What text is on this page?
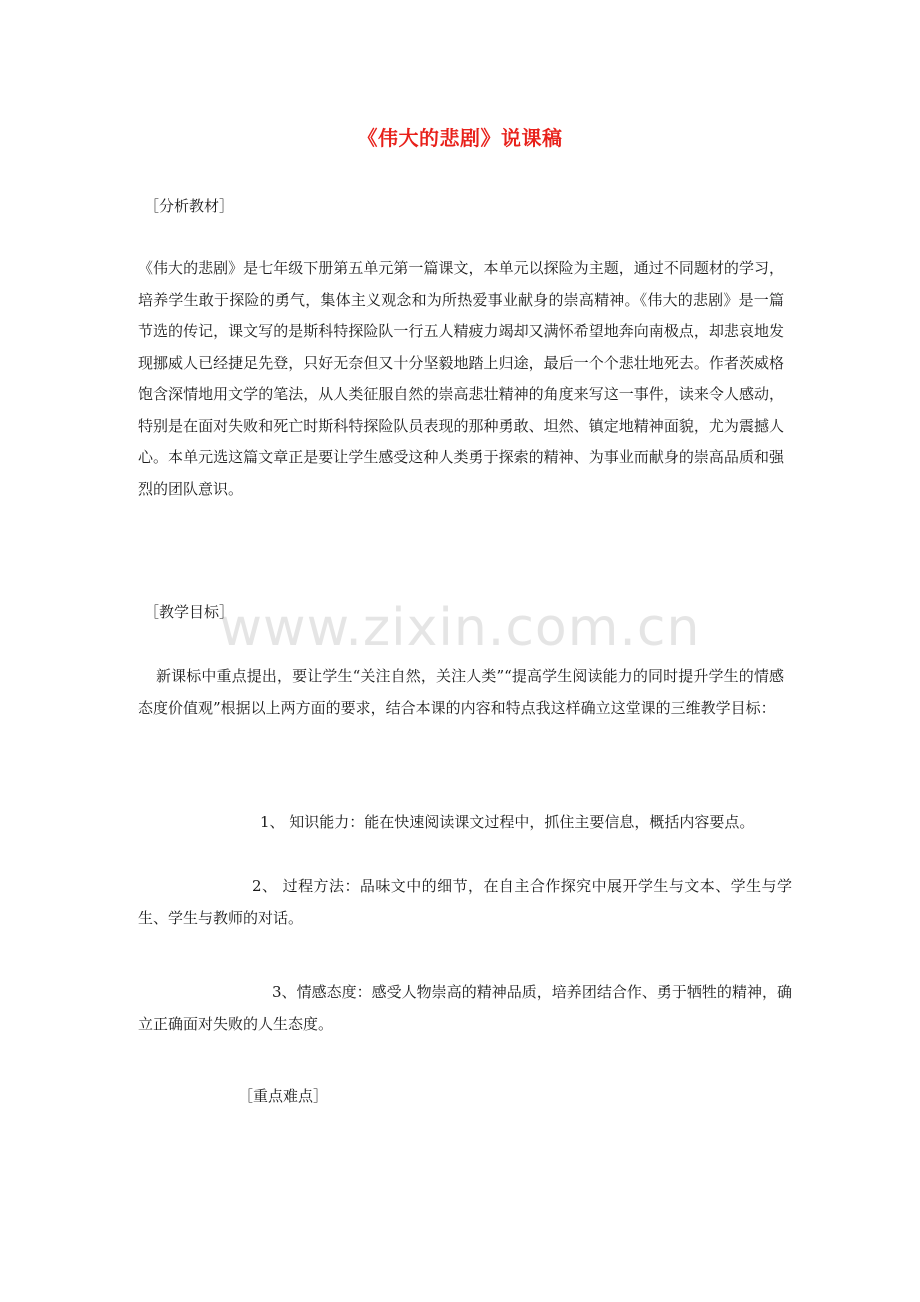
《伟大的悲剧》说课稿
［分析教材］
《伟大的悲剧》是七年级下册第五单元第一篇课文，本单元以探险为主题，通过不同题材的学习，培养学生敢于探险的勇气，集体主义观念和为所热爱事业献身的崇高精神。《伟大的悲剧》是一篇节选的传记，课文写的是斯科特探险队一行五人精疲力竭却又满怀希望地奔向南极点，却悲哀地发现挪威人已经捷足先登，只好无奈但又十分坚毅地踏上归途，最后一个个悲壮地死去。作者茨威格饱含深情地用文学的笔法，从人类征服自然的崇高悲壮精神的角度来写这一事件，读来令人感动，特别是在面对失败和死亡时斯科特探险队员表现的那种勇敢、坦然、镇定地精神面貌，尤为震撼人心。本单元选这篇文章正是要让学生感受这种人类勇于探索的精神、为事业而献身的崇高品质和强烈的团队意识。
www.zixin.com.cn
［教学目标］
新课标中重点提出，要让学生“关注自然，关注人类”“提高学生阅读能力的同时提升学生的情感态度价值观”根据以上两方面的要求，结合本课的内容和特点我这样确立这堂课的三维教学目标：
1、 知识能力：能在快速阅读课文过程中，抓住主要信息，概括内容要点。
2、 过程方法：品味文中的细节，在自主合作探究中展开学生与文本、学生与学生、学生与教师的对话。
3、情感态度：感受人物崇高的精神品质，培养团结合作、勇于牺牲的精神，确立正确面对失败的人生态度。
［重点难点］
